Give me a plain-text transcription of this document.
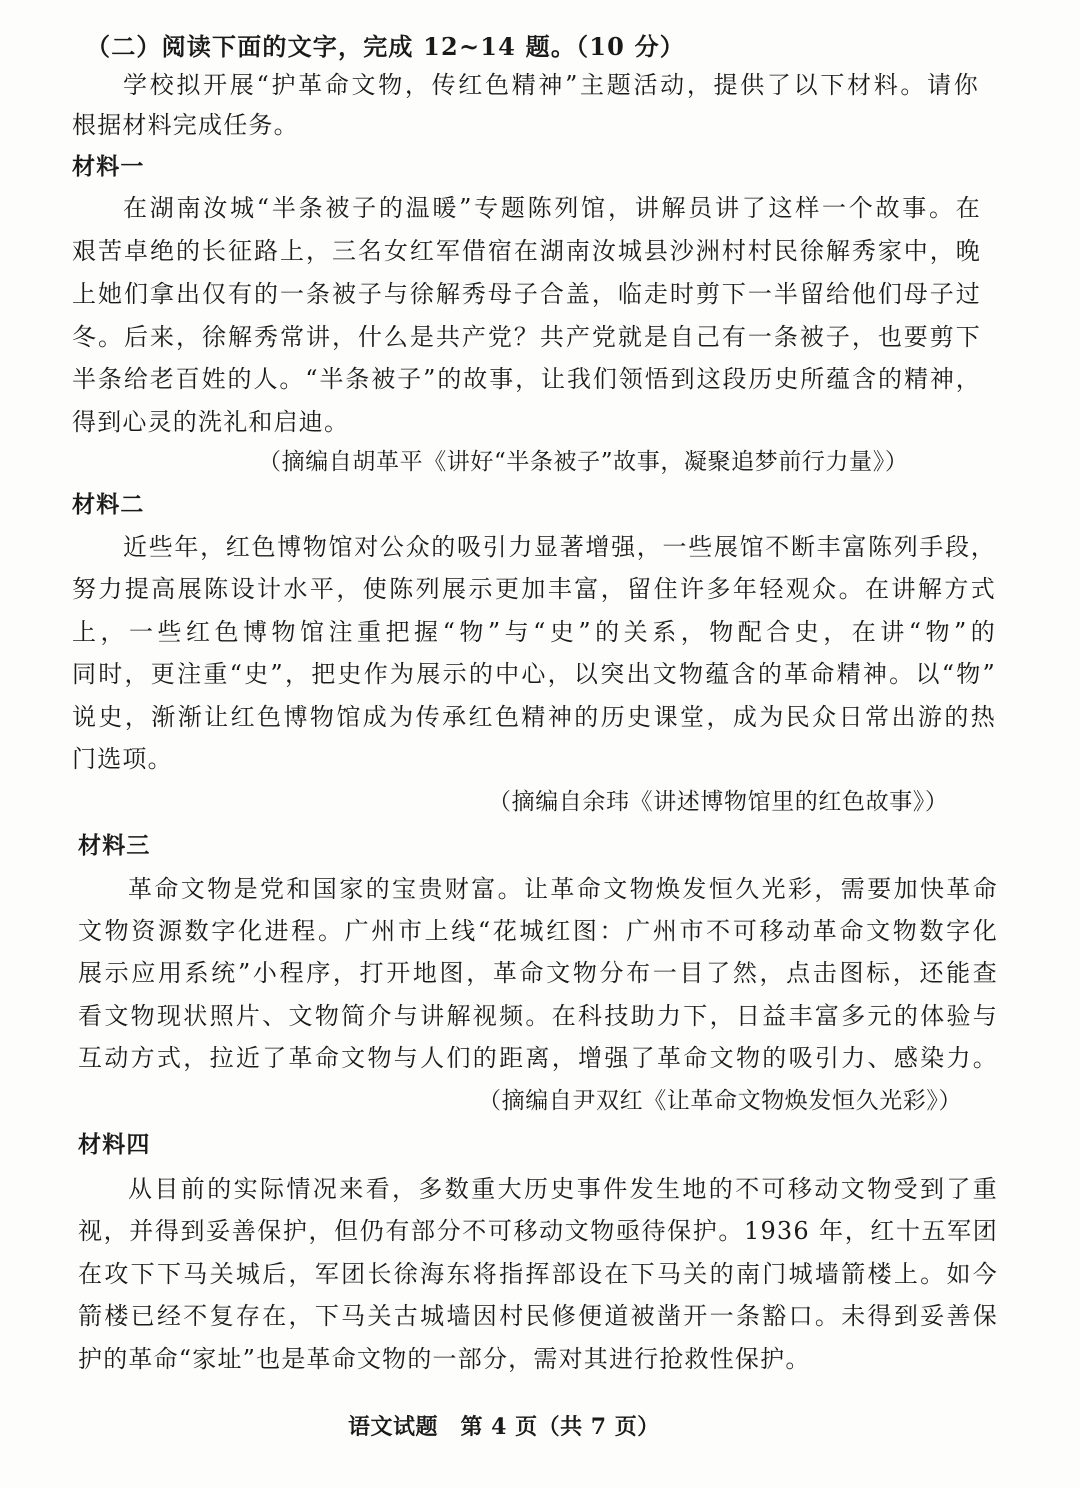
（二）阅读下面的文字，完成 12~14 题。（10 分）
学校拟开展“护革命文物，传红色精神”主题活动，提供了以下材料。请你
根据材料完成任务。
材料一
在湖南汝城“半条被子的温暖”专题陈列馆，讲解员讲了这样一个故事。在
艰苦卓绝的长征路上，三名女红军借宿在湖南汝城县沙洲村村民徐解秀家中，晚
上她们拿出仅有的一条被子与徐解秀母子合盖，临走时剪下一半留给他们母子过
冬。后来，徐解秀常讲，什么是共产党？共产党就是自己有一条被子，也要剪下
半条给老百姓的人。“半条被子”的故事，让我们领悟到这段历史所蕴含的精神，
得到心灵的洗礼和启迪。
（摘编自胡革平《讲好“半条被子”故事，凝聚追梦前行力量》）
材料二
近些年，红色博物馆对公众的吸引力显著增强，一些展馆不断丰富陈列手段，
努力提高展陈设计水平，使陈列展示更加丰富，留住许多年轻观众。在讲解方式
上，一些红色博物馆注重把握“物”与“史”的关系，物配合史，在讲“物”的
同时，更注重“史”，把史作为展示的中心，以突出文物蕴含的革命精神。以“物”
说史，渐渐让红色博物馆成为传承红色精神的历史课堂，成为民众日常出游的热
门选项。
（摘编自余玮《讲述博物馆里的红色故事》）
材料三
革命文物是党和国家的宝贵财富。让革命文物焕发恒久光彩，需要加快革命
文物资源数字化进程。广州市上线“花城红图：广州市不可移动革命文物数字化
展示应用系统”小程序，打开地图，革命文物分布一目了然，点击图标，还能查
看文物现状照片、文物简介与讲解视频。在科技助力下，日益丰富多元的体验与
互动方式，拉近了革命文物与人们的距离，增强了革命文物的吸引力、感染力。
（摘编自尹双红《让革命文物焕发恒久光彩》）
材料四
从目前的实际情况来看，多数重大历史事件发生地的不可移动文物受到了重
视，并得到妥善保护，但仍有部分不可移动文物亟待保护。1936 年，红十五军团
在攻下下马关城后，军团长徐海东将指挥部设在下马关的南门城墙箭楼上。如今
箭楼已经不复存在，下马关古城墙因村民修便道被凿开一条豁口。未得到妥善保
护的革命“家址”也是革命文物的一部分，需对其进行抢救性保护。
语文试题　第 4 页（共 7 页）
